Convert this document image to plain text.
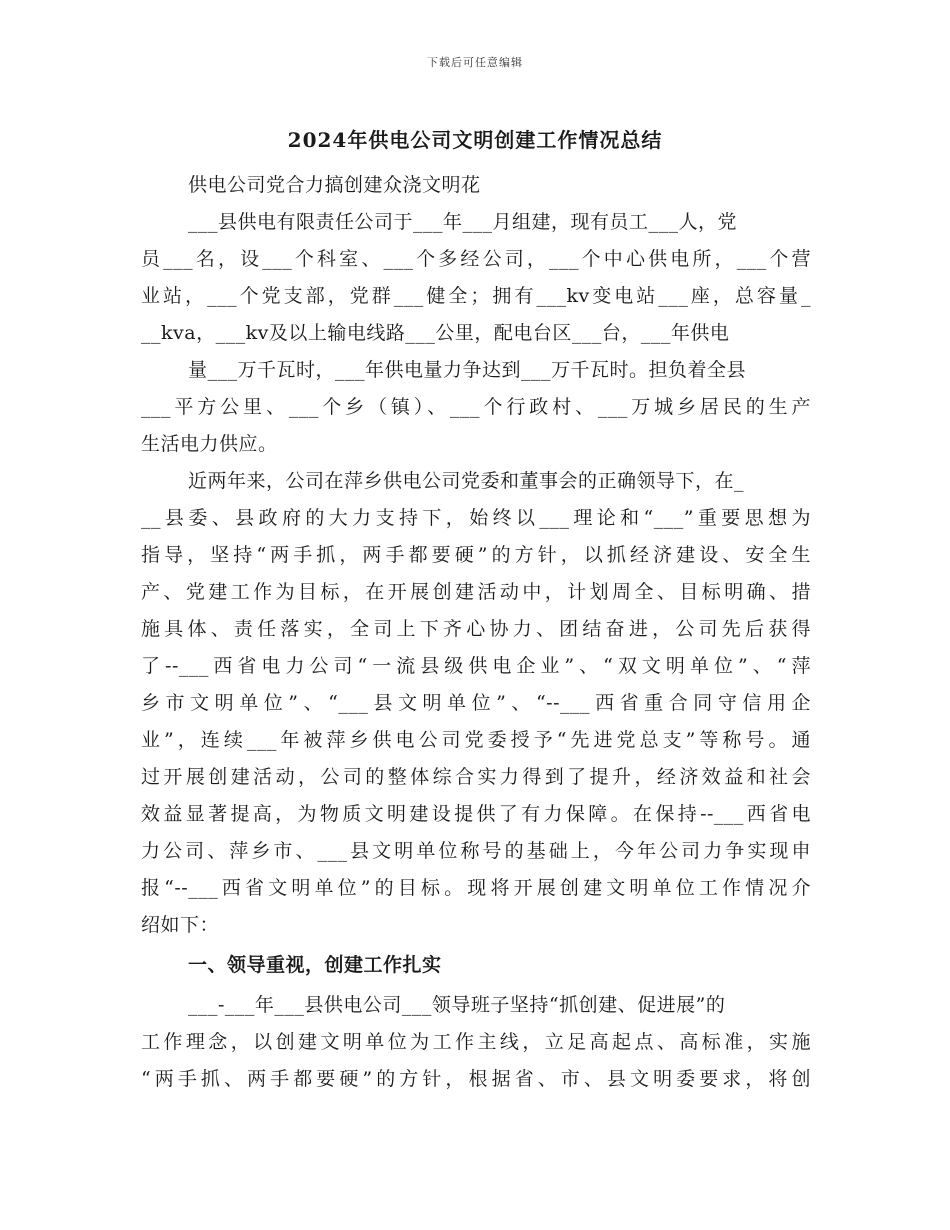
下载后可任意编辑
2024年供电公司文明创建工作情况总结
供电公司党合力搞创建众浇文明花
___县供电有限责任公司于___年___月组建，现有员工___人，党
员___名，设___个科室、___个多经公司，___个中心供电所，___个营
业站，___个党支部，党群___健全；拥有___kv变电站___座，总容量_
__kva，___kv及以上输电线路___公里，配电台区___台，___年供电
量___万千瓦时，___年供电量力争达到___万千瓦时。担负着全县
___平方公里、___个乡（镇）、___个行政村、___万城乡居民的生产
生活电力供应。
近两年来，公司在萍乡供电公司党委和董事会的正确领导下，在_
__县委、县政府的大力支持下，始终以___理论和“___”重要思想为
指导，坚持“两手抓，两手都要硬”的方针，以抓经济建设、安全生
产、党建工作为目标，在开展创建活动中，计划周全、目标明确、措
施具体、责任落实，全司上下齐心协力、团结奋进，公司先后获得
了--___西省电力公司“一流县级供电企业”、“双文明单位”、“萍
乡市文明单位”、“___县文明单位”、“--___西省重合同守信用企
业”，连续___年被萍乡供电公司党委授予“先进党总支”等称号。通
过开展创建活动，公司的整体综合实力得到了提升，经济效益和社会
效益显著提高，为物质文明建设提供了有力保障。在保持--___西省电
力公司、萍乡市、___县文明单位称号的基础上，今年公司力争实现申
报“--___西省文明单位”的目标。现将开展创建文明单位工作情况介
绍如下：
一、领导重视，创建工作扎实
___-___年___县供电公司___领导班子坚持“抓创建、促进展”的
工作理念，以创建文明单位为工作主线，立足高起点、高标准，实施
“两手抓、两手都要硬”的方针，根据省、市、县文明委要求，将创
